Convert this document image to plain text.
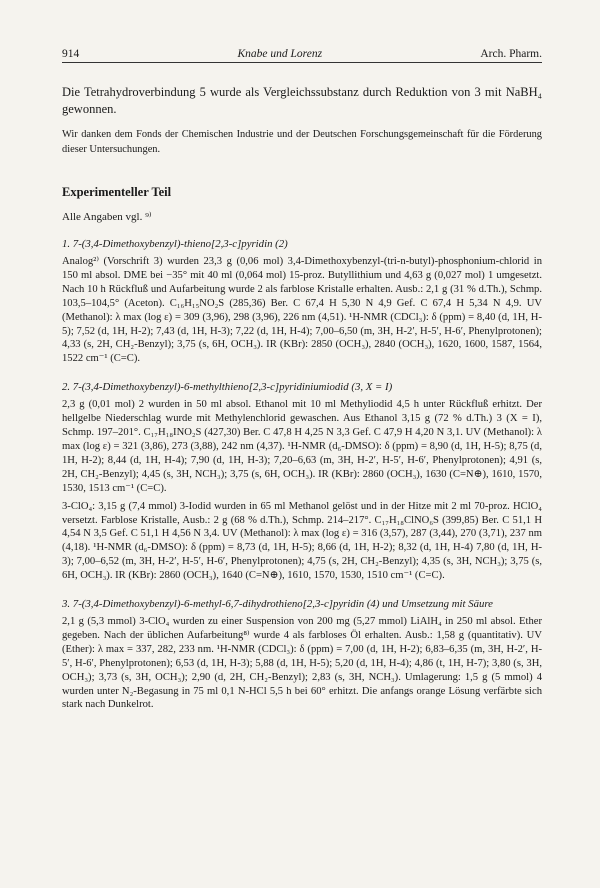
914	Knabe und Lorenz	Arch. Pharm.

Die Tetrahydroverbindung 5 wurde als Vergleichssubstanz durch Reduktion von 3 mit NaBH₄ gewonnen.

Wir danken dem Fonds der Chemischen Industrie und der Deutschen Forschungsgemeinschaft für die Förderung dieser Untersuchungen.

Experimenteller Teil
Alle Angaben vgl. ⁹⁾
1. 7-(3,4-Dimethoxybenzyl)-thieno[2,3-c]pyridin (2)

Analog²⁾ (Vorschrift 3) wurden 23,3 g (0,06 mol) 3,4-Dimethoxybenzyl-(tri-n-butyl)-phosphonium-chlorid in 150 ml absol. DME bei −35° mit 40 ml (0,064 mol) 15-proz. Butyllithium und 4,63 g (0,027 mol) 1 umgesetzt. Nach 10 h Rückfluß und Aufarbeitung wurde 2 als farblose Kristalle erhalten. Ausb.: 2,1 g (31 % d.Th.), Schmp. 103,5–104,5° (Aceton). C₁₆H₁₅NO₂S (285,36) Ber. C 67,4 H 5,30 N 4,9 Gef. C 67,4 H 5,34 N 4,9. UV (Methanol): λ max (log ε) = 309 (3,96), 298 (3,96), 226 nm (4,51). ¹H-NMR (CDCl₃): δ (ppm) = 8,40 (d, 1H, H-5); 7,52 (d, 1H, H-2); 7,43 (d, 1H, H-3); 7,22 (d, 1H, H-4); 7,00–6,50 (m, 3H, H-2′, H-5′, H-6′, Phenylprotonen); 4,33 (s, 2H, CH₂-Benzyl); 3,75 (s, 6H, OCH₃). IR (KBr): 2850 (OCH₃), 2840 (OCH₃), 1620, 1600, 1587, 1564, 1522 cm⁻¹ (C=C).

2. 7-(3,4-Dimethoxybenzyl)-6-methylthieno[2,3-c]pyridiniumiodid (3, X = I)

2,3 g (0,01 mol) 2 wurden in 50 ml absol. Ethanol mit 10 ml Methyliodid 4,5 h unter Rückfluß erhitzt. Der hellgelbe Niederschlag wurde mit Methylenchlorid gewaschen. Aus Ethanol 3,15 g (72 % d.Th.) 3 (X = I), Schmp. 197–201°. C₁₇H₁₈INO₂S (427,30) Ber. C 47,8 H 4,25 N 3,3 Gef. C 47,9 H 4,20 N 3,1. UV (Methanol): λ max (log ε) = 321 (3,86), 273 (3,88), 242 nm (4,37). ¹H-NMR (d₆-DMSO): δ (ppm) = 8,90 (d, 1H, H-5); 8,75 (d, 1H, H-2); 8,44 (d, 1H, H-4); 7,90 (d, 1H, H-3); 7,20–6,63 (m, 3H, H-2′, H-5′, H-6′, Phenylprotonen); 4,91 (s, 2H, CH₂-Benzyl); 4,45 (s, 3H, NCH₃); 3,75 (s, 6H, OCH₃). IR (KBr): 2860 (OCH₃), 1630 (C=N⊕), 1610, 1570, 1530, 1513 cm⁻¹ (C=C).

3-ClO₄: 3,15 g (7,4 mmol) 3-Iodid wurden in 65 ml Methanol gelöst und in der Hitze mit 2 ml 70-proz. HClO₄ versetzt. Farblose Kristalle, Ausb.: 2 g (68 % d.Th.), Schmp. 214–217°. C₁₇H₁₈ClNO₆S (399,85) Ber. C 51,1 H 4,54 N 3,5 Gef. C 51,1 H 4,56 N 3,4. UV (Methanol): λ max (log ε) = 316 (3,57), 287 (3,44), 270 (3,71), 237 nm (4,18). ¹H-NMR (d₆-DMSO): δ (ppm) = 8,73 (d, 1H, H-5); 8,66 (d, 1H, H-2); 8,32 (d, 1H, H-4) 7,80 (d, 1H, H-3); 7,00–6,52 (m, 3H, H-2′, H-5′, H-6′, Phenylprotonen); 4,75 (s, 2H, CH₂-Benzyl); 4,35 (s, 3H, NCH₃); 3,75 (s, 6H, OCH₃). IR (KBr): 2860 (OCH₃), 1640 (C=N⊕), 1610, 1570, 1530, 1510 cm⁻¹ (C=C).

3. 7-(3,4-Dimethoxybenzyl)-6-methyl-6,7-dihydrothieno[2,3-c]pyridin (4) und Umsetzung mit Säure

2,1 g (5,3 mmol) 3-ClO₄ wurden zu einer Suspension von 200 mg (5,27 mmol) LiAlH₄ in 250 ml absol. Ether gegeben. Nach der üblichen Aufarbeitung⁸⁾ wurde 4 als farbloses Öl erhalten. Ausb.: 1,58 g (quantitativ). UV (Ether): λ max = 337, 282, 233 nm. ¹H-NMR (CDCl₃): δ (ppm) = 7,00 (d, 1H, H-2); 6,83–6,35 (m, 3H, H-2′, H-5′, H-6′, Phenylprotonen); 6,53 (d, 1H, H-3); 5,88 (d, 1H, H-5); 5,20 (d, 1H, H-4); 4,86 (t, 1H, H-7); 3,80 (s, 3H, OCH₃); 3,73 (s, 3H, OCH₃); 2,90 (d, 2H, CH₂-Benzyl); 2,83 (s, 3H, NCH₃). Umlagerung: 1,5 g (5 mmol) 4 wurden unter N₂-Begasung in 75 ml 0,1 N-HCl 5,5 h bei 60° erhitzt. Die anfangs orange Lösung verfärbte sich stark nach Dunkelrot.
